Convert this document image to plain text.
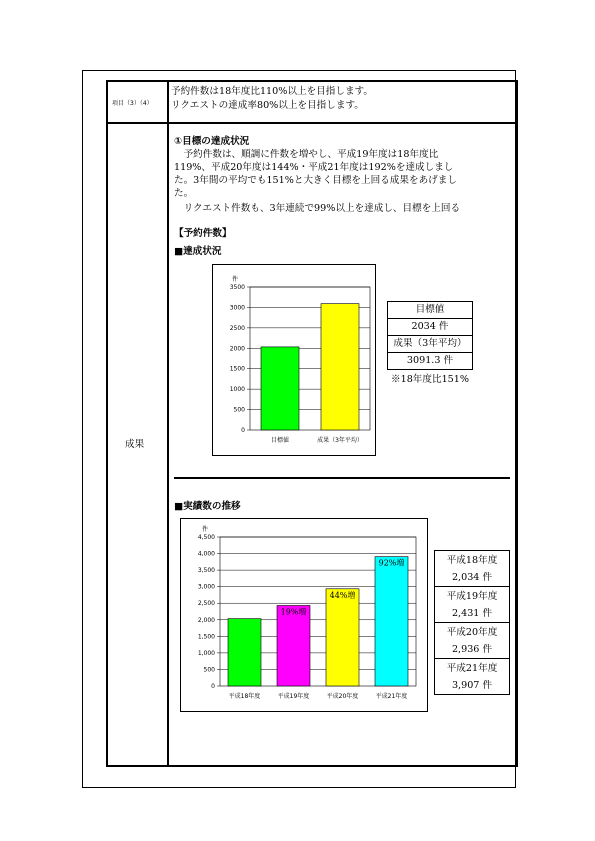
項目（3）（4）
予約件数は18年度比110%以上を目指します。
リクエストの達成率80%以上を目指します。
成果
①目標の達成状況
　予約件数は、順調に件数を増やし、平成19年度は18年度比
119%、平成20年度は144%・平成21年度は192%を達成しまし
た。3年間の平均でも151%と大きく目標を上回る成果をあげまし
た。
　リクエスト件数も、3年連続で99%以上を達成し、目標を上回る
【予約件数】
■達成状況
0
500
1000
1500
2000
2500
3000
3500
件
目標値	成果（3年平均）
目標値
2034 件
成果（3年平均）
3091.3 件
※18年度比151%
■実績数の推移
0
500
1,000
1,500
2,000
2,500
3,000
3,500
4,000
4,500
件
平成18年度	平成19年度
19%増
平成20年度
44%増
平成21年度
92%増	平成18年度
2,034 件
平成19年度
2,431 件
平成20年度
2,936 件
平成21年度
3,907 件
